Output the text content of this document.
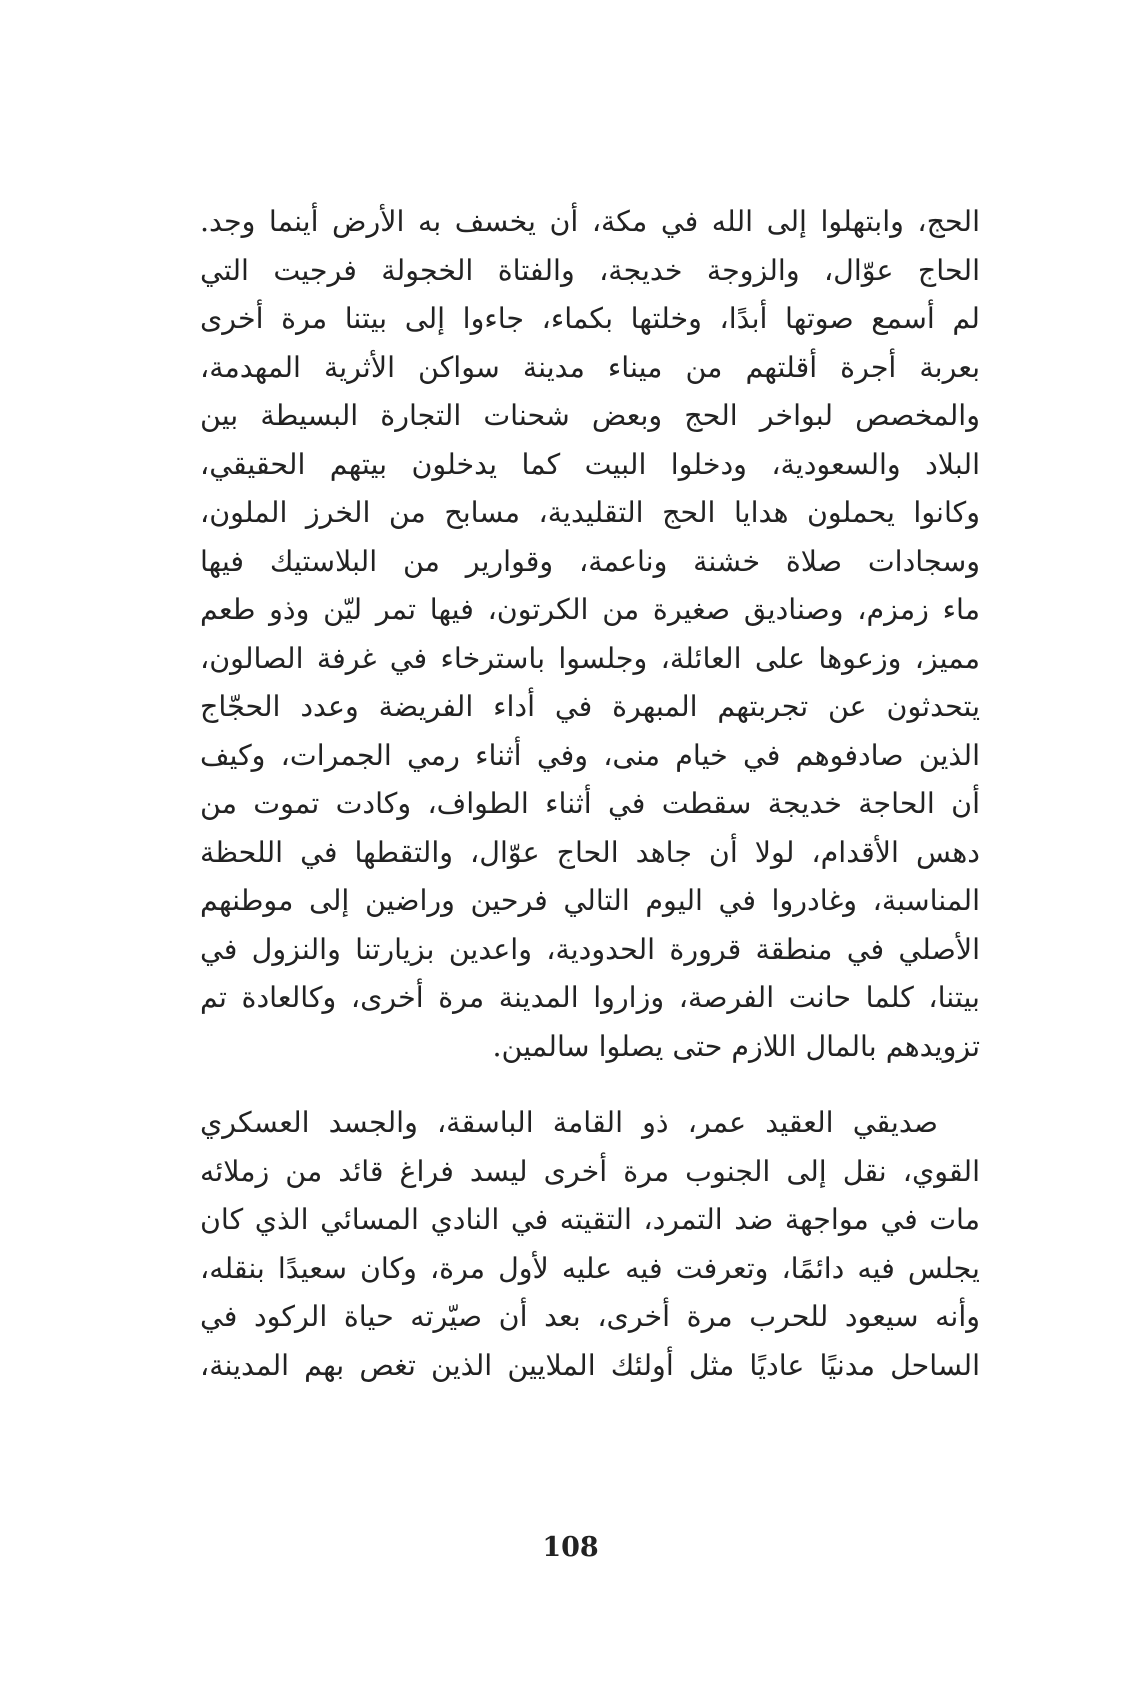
الحج، وابتهلوا إلى الله في مكة، أن يخسف به الأرض أينما وجد.
الحاج عوّال، والزوجة خديجة، والفتاة الخجولة فرجيت التي
لم أسمع صوتها أبدًا، وخلتها بكماء، جاءوا إلى بيتنا مرة أخرى
بعربة أجرة أقلتهم من ميناء مدينة سواكن الأثرية المهدمة،
والمخصص لبواخر الحج وبعض شحنات التجارة البسيطة بين
البلاد والسعودية، ودخلوا البيت كما يدخلون بيتهم الحقيقي،
وكانوا يحملون هدايا الحج التقليدية، مسابح من الخرز الملون،
وسجادات صلاة خشنة وناعمة، وقوارير من البلاستيك فيها
ماء زمزم، وصناديق صغيرة من الكرتون، فيها تمر ليّن وذو طعم
مميز، وزعوها على العائلة، وجلسوا باسترخاء في غرفة الصالون،
يتحدثون عن تجربتهم المبهرة في أداء الفريضة وعدد الحجّاج
الذين صادفوهم في خيام منى، وفي أثناء رمي الجمرات، وكيف
أن الحاجة خديجة سقطت في أثناء الطواف، وكادت تموت من
دهس الأقدام، لولا أن جاهد الحاج عوّال، والتقطها في اللحظة
المناسبة، وغادروا في اليوم التالي فرحين وراضين إلى موطنهم
الأصلي في منطقة قرورة الحدودية، واعدين بزيارتنا والنزول في
بيتنا، كلما حانت الفرصة، وزاروا المدينة مرة أخرى، وكالعادة تم
تزويدهم بالمال اللازم حتى يصلوا سالمين.
صديقي العقيد عمر، ذو القامة الباسقة، والجسد العسكري
القوي، نقل إلى الجنوب مرة أخرى ليسد فراغ قائد من زملائه
مات في مواجهة ضد التمرد، التقيته في النادي المسائي الذي كان
يجلس فيه دائمًا، وتعرفت فيه عليه لأول مرة، وكان سعيدًا بنقله،
وأنه سيعود للحرب مرة أخرى، بعد أن صيّرته حياة الركود في
الساحل مدنيًا عاديًا مثل أولئك الملايين الذين تغص بهم المدينة،
108
